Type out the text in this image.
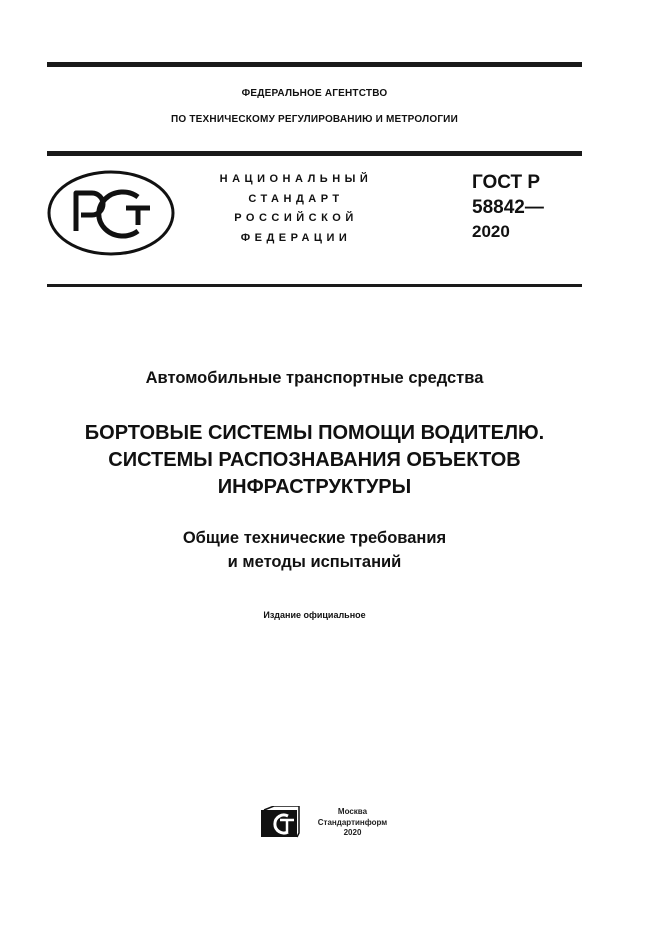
ФЕДЕРАЛЬНОЕ АГЕНТСТВО
ПО ТЕХНИЧЕСКОМУ РЕГУЛИРОВАНИЮ И МЕТРОЛОГИИ
НАЦИОНАЛЬНЫЙ
СТАНДАРТ
РОССИЙСКОЙ
ФЕДЕРАЦИИ
ГОСТ Р
58842—
2020
Автомобильные транспортные средства
БОРТОВЫЕ СИСТЕМЫ ПОМОЩИ ВОДИТЕЛЮ.
СИСТЕМЫ РАСПОЗНАВАНИЯ ОБЪЕКТОВ
ИНФРАСТРУКТУРЫ
Общие технические требования
и методы испытаний
Издание официальное
Москва
Стандартинформ
2020
